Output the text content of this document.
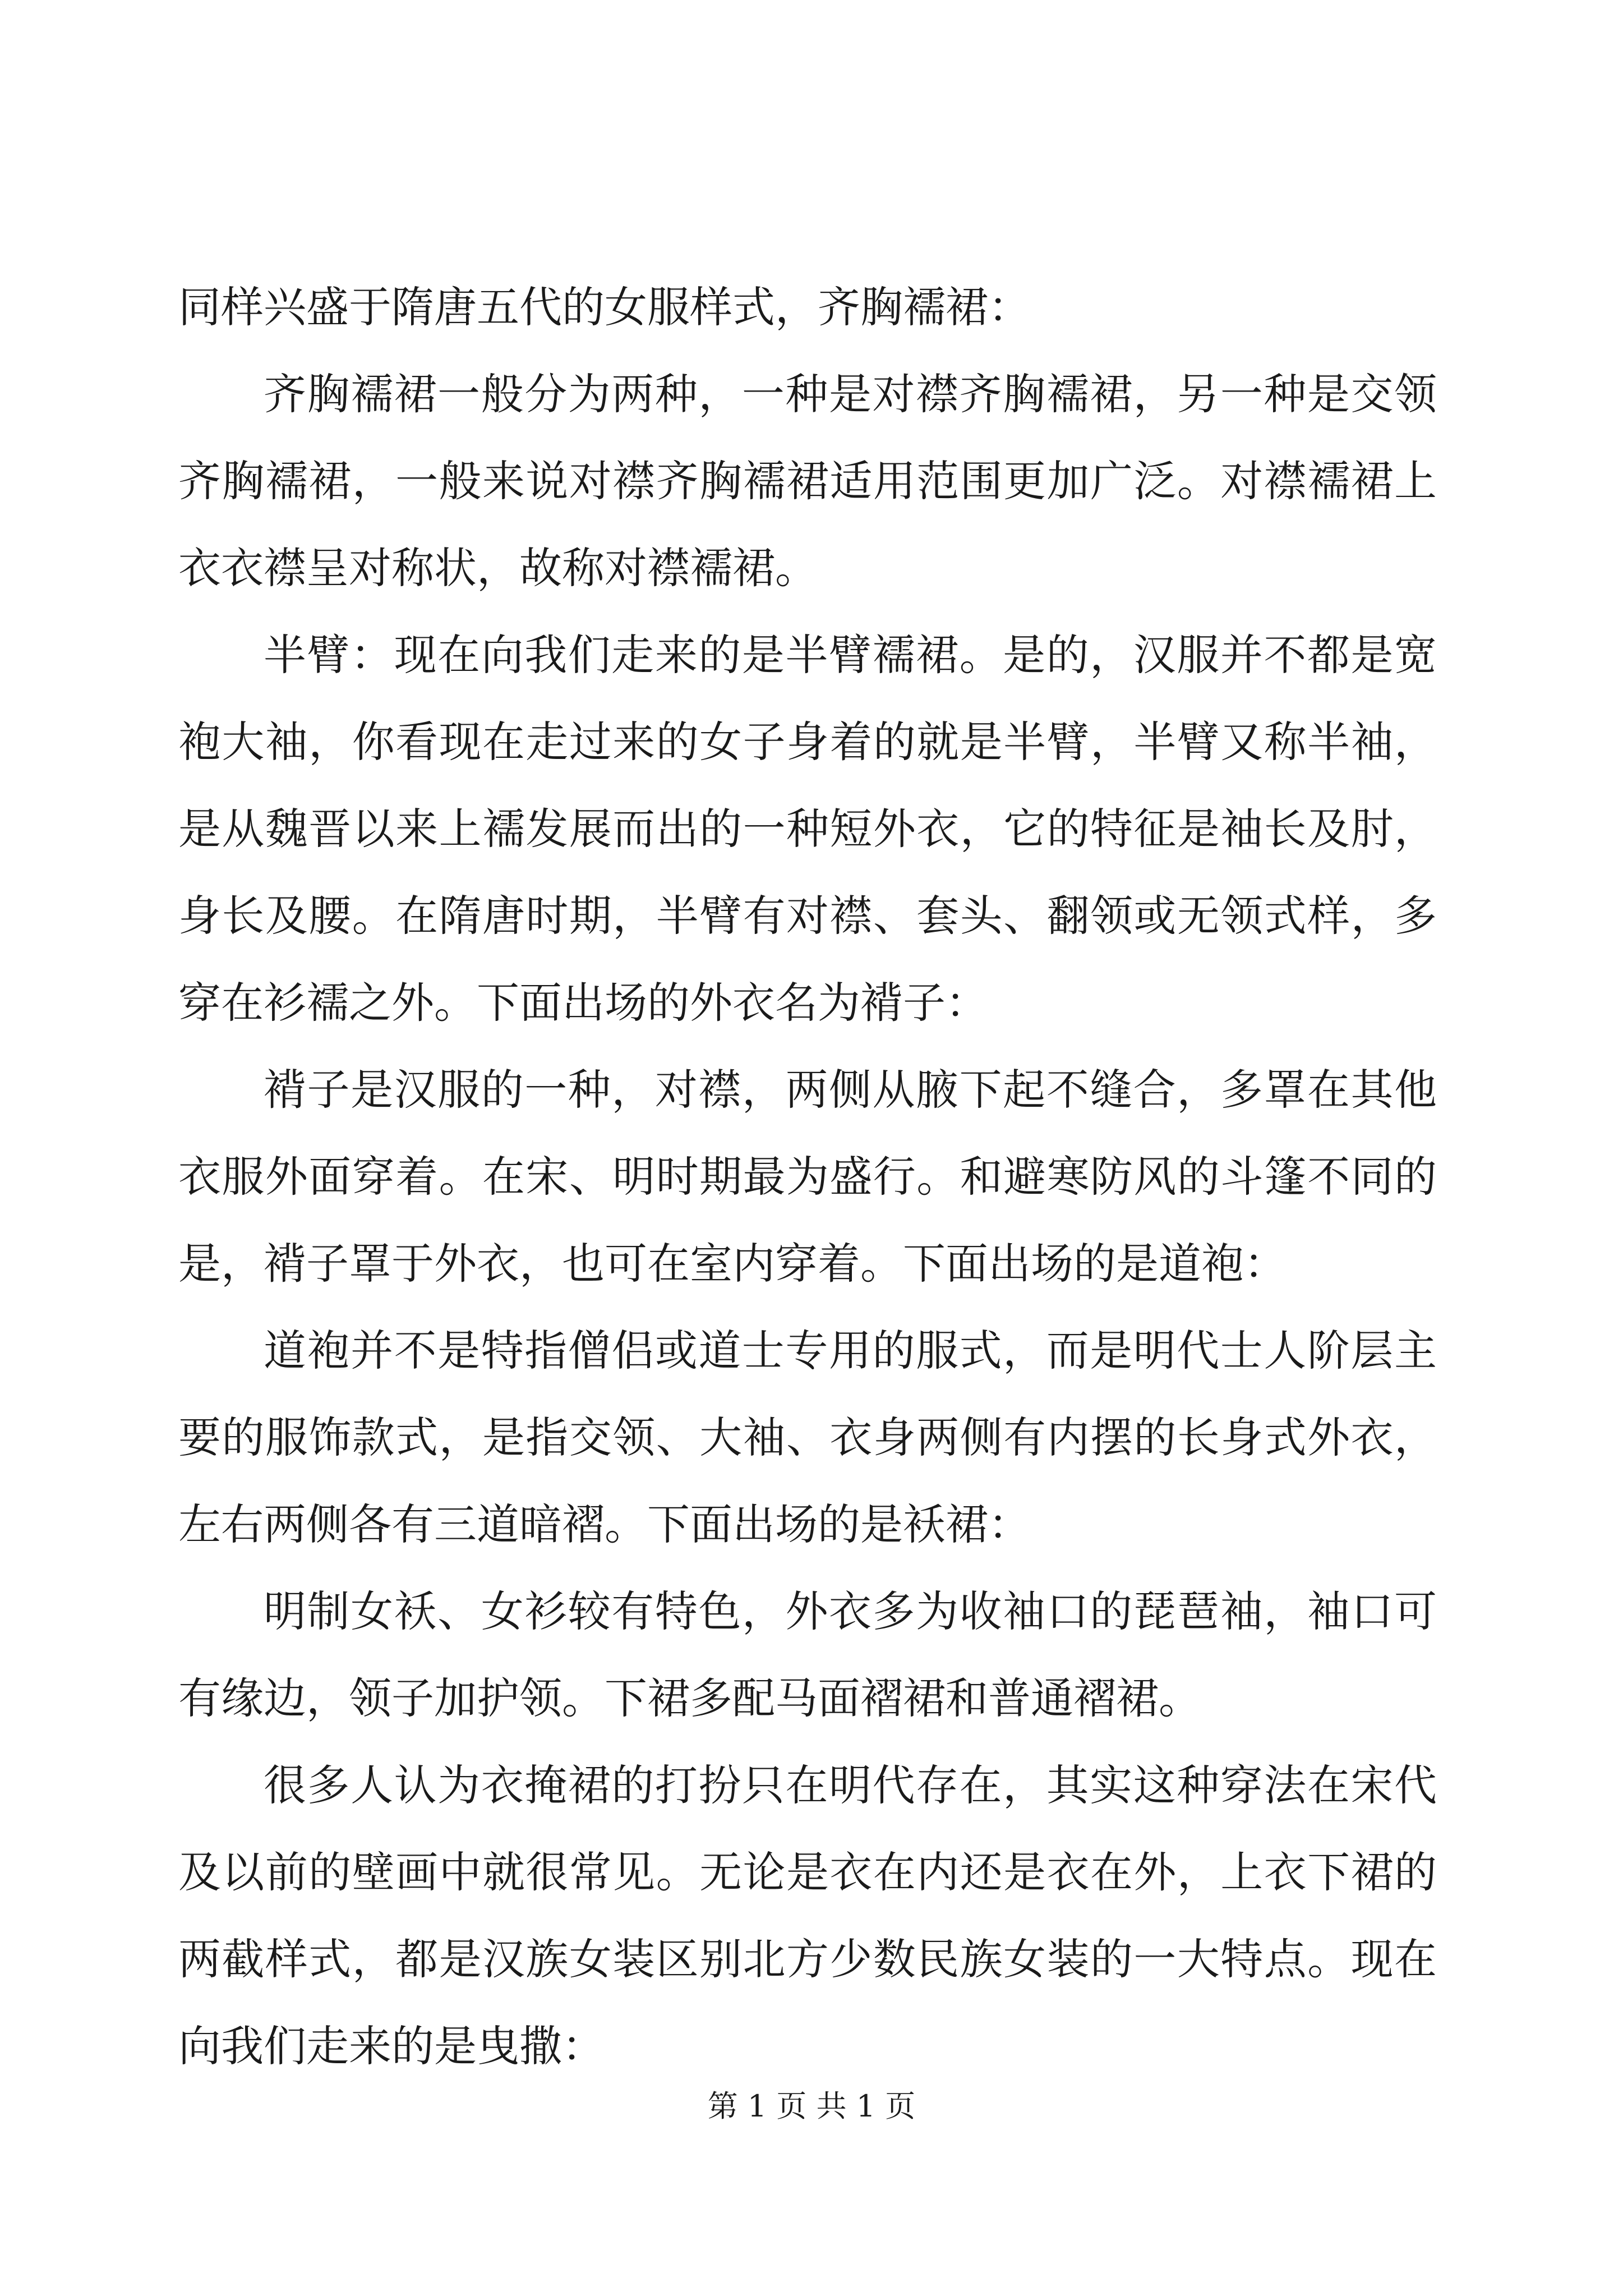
同样兴盛于隋唐五代的女服样式，齐胸襦裙：

齐胸襦裙一般分为两种，一种是对襟齐胸襦裙，另一种是交领齐胸襦裙，一般来说对襟齐胸襦裙适用范围更加广泛。对襟襦裙上衣衣襟呈对称状，故称对襟襦裙。

半臂：现在向我们走来的是半臂襦裙。是的，汉服并不都是宽袍大袖，你看现在走过来的女子身着的就是半臂，半臂又称半袖，是从魏晋以来上襦发展而出的一种短外衣，它的特征是袖长及肘，身长及腰。在隋唐时期，半臂有对襟、套头、翻领或无领式样，多穿在衫襦之外。下面出场的外衣名为褙子：

褙子是汉服的一种，对襟，两侧从腋下起不缝合，多罩在其他衣服外面穿着。在宋、明时期最为盛行。和避寒防风的斗篷不同的是，褙子罩于外衣，也可在室内穿着。下面出场的是道袍：

道袍并不是特指僧侣或道士专用的服式，而是明代士人阶层主要的服饰款式，是指交领、大袖、衣身两侧有内摆的长身式外衣，左右两侧各有三道暗褶。下面出场的是袄裙：

明制女袄、女衫较有特色，外衣多为收袖口的琵琶袖，袖口可有缘边，领子加护领。下裙多配马面褶裙和普通褶裙。

很多人认为衣掩裙的打扮只在明代存在，其实这种穿法在宋代及以前的壁画中就很常见。无论是衣在内还是衣在外，上衣下裙的两截样式，都是汉族女装区别北方少数民族女装的一大特点。现在向我们走来的是曳撒：

第 1 页 共 1 页
